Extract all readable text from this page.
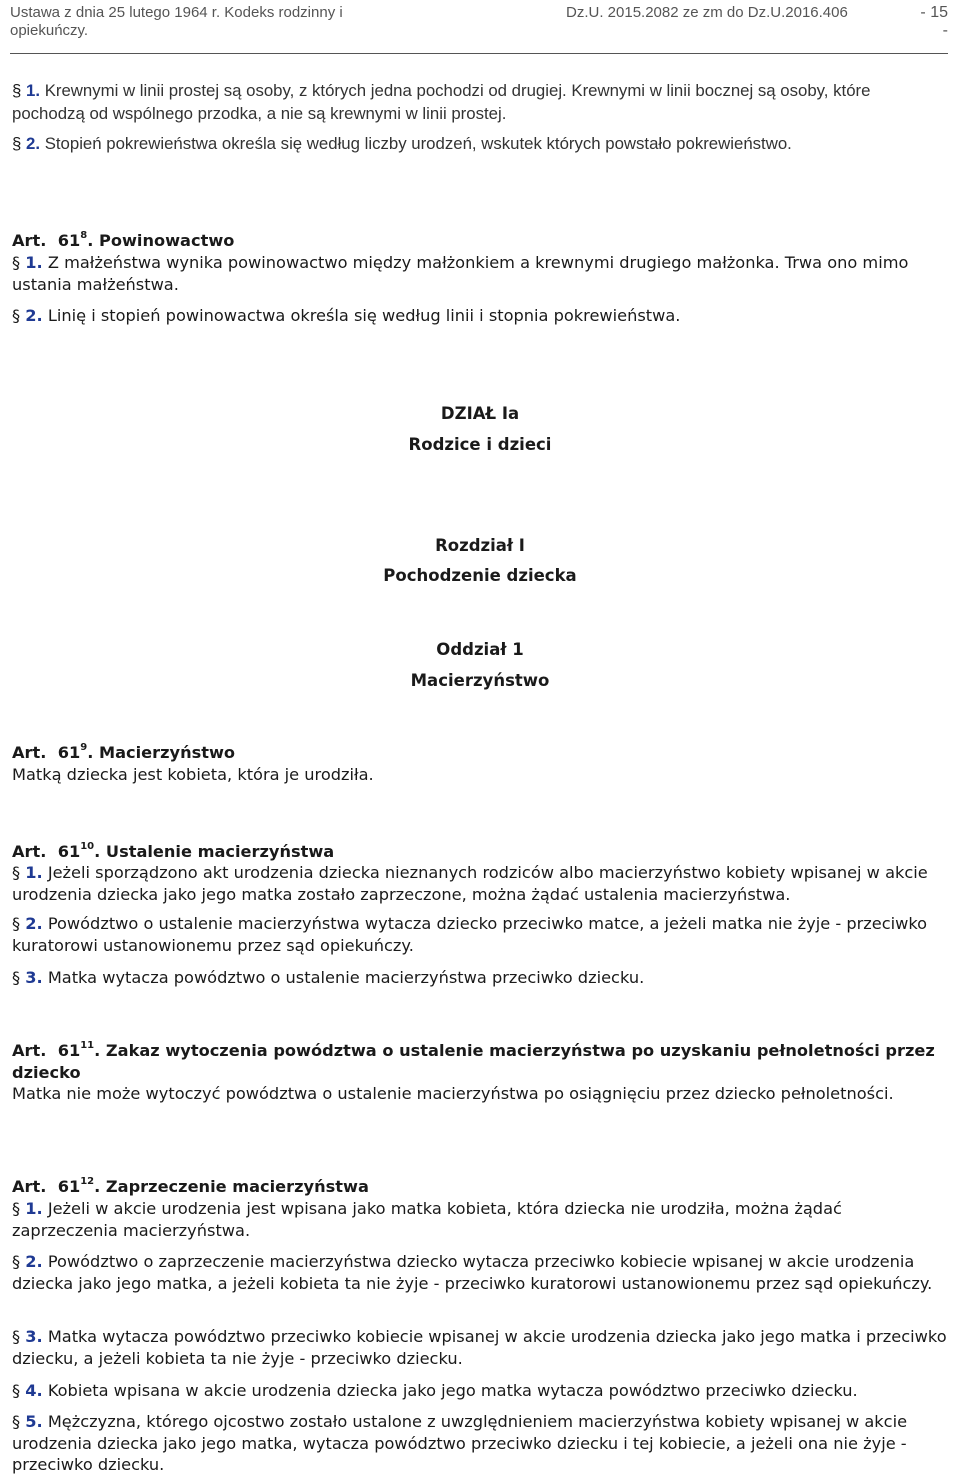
Ustawa z dnia 25 lutego 1964 r. Kodeks rodzinny i
opiekuńczy.
Dz.U. 2015.2082 ze zm do Dz.U.2016.406	- 15
-
§ 1. Krewnymi w linii prostej są osoby, z których jedna pochodzi od drugiej. Krewnymi w linii bocznej są osoby, które pochodzą od wspólnego przodka, a nie są krewnymi w linii prostej.
§ 2. Stopień pokrewieństwa określa się według liczby urodzeń, wskutek których powstało pokrewieństwo.
Art. $61^8$. Powinowactwo
§ 1. Z małżeństwa wynika powinowactwo między małżonkiem a krewnymi drugiego małżonka. Trwa ono mimo ustania małżeństwa.
§ 2. Linię i stopień powinowactwa określa się według linii i stopnia pokrewieństwa.
DZIAŁ Ia
Rodzice i dzieci
Rozdział I
Pochodzenie dziecka
Oddział 1
Macierzyństwo
Art. $61^9$. Macierzyństwo
Matką dziecka jest kobieta, która je urodziła.
Art. $61^{10}$. Ustalenie macierzyństwa
§ 1. Jeżeli sporządzono akt urodzenia dziecka nieznanych rodziców albo macierzyństwo kobiety wpisanej w akcie urodzenia dziecka jako jego matka zostało zaprzeczone, można żądać ustalenia macierzyństwa.
§ 2. Powództwo o ustalenie macierzyństwa wytacza dziecko przeciwko matce, a jeżeli matka nie żyje - przeciwko kuratorowi ustanowionemu przez sąd opiekuńczy.
§ 3. Matka wytacza powództwo o ustalenie macierzyństwa przeciwko dziecku.
Art. $61^{11}$. Zakaz wytoczenia powództwa o ustalenie macierzyństwa po uzyskaniu pełnoletności przez dziecko
Matka nie może wytoczyć powództwa o ustalenie macierzyństwa po osiągnięciu przez dziecko pełnoletności.
Art. $61^{12}$. Zaprzeczenie macierzyństwa
§ 1. Jeżeli w akcie urodzenia jest wpisana jako matka kobieta, która dziecka nie urodziła, można żądać zaprzeczenia macierzyństwa.
§ 2. Powództwo o zaprzeczenie macierzyństwa dziecko wytacza przeciwko kobiecie wpisanej w akcie urodzenia dziecka jako jego matka, a jeżeli kobieta ta nie żyje - przeciwko kuratorowi ustanowionemu przez sąd opiekuńczy.
§ 3. Matka wytacza powództwo przeciwko kobiecie wpisanej w akcie urodzenia dziecka jako jego matka i przeciwko dziecku, a jeżeli kobieta ta nie żyje - przeciwko dziecku.
§ 4. Kobieta wpisana w akcie urodzenia dziecka jako jego matka wytacza powództwo przeciwko dziecku.
§ 5. Mężczyzna, którego ojcostwo zostało ustalone z uwzględnieniem macierzyństwa kobiety wpisanej w akcie urodzenia dziecka jako jego matka, wytacza powództwo przeciwko dziecku i tej kobiecie, a jeżeli ona nie żyje - przeciwko dziecku.
